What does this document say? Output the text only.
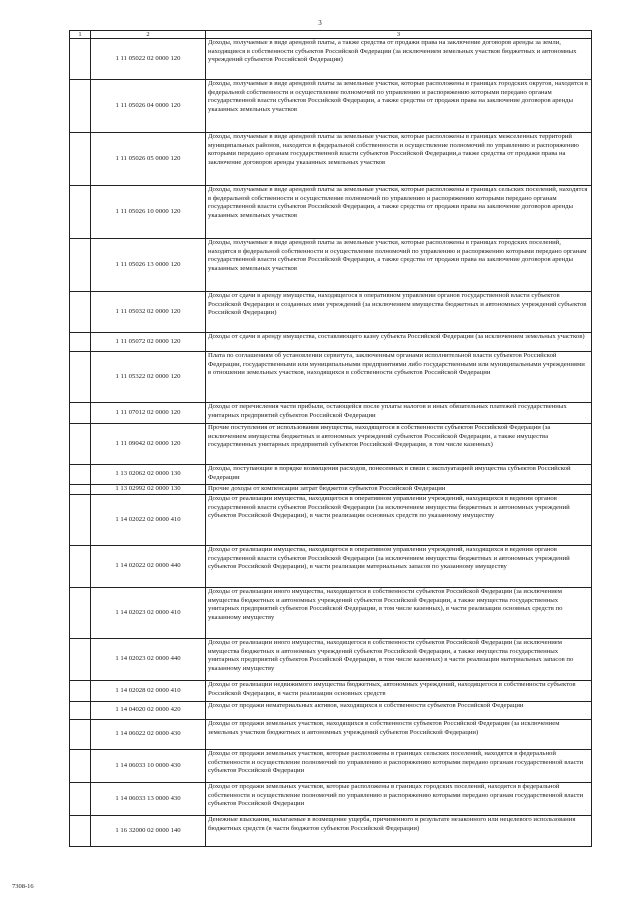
3
1	2	3
	1 11 05022 02 0000 120	Доходы, получаемые в виде арендной платы, а также средства от продажи права на заключение договоров аренды за земли, находящиеся в собственности субъектов Российской Федерации (за исключением земельных участков бюджетных и автономных учреждений субъектов Российской Федерации)
	1 11 05026 04 0000 120	Доходы, получаемые в виде арендной платы за земельные участки, которые расположены в границах городских округов, находятся в федеральной собственности и осуществление полномочий по управлению и распоряжению которыми передано органам государственной власти субъектов Российской Федерации, а также средства от продажи права на заключение договоров аренды указанных земельных участков
	1 11 05026 05 0000 120	Доходы, получаемые в виде арендной платы за земельные участки, которые расположены в границах межселенных территорий муниципальных районов, находятся в федеральной собственности и осуществление полномочий по управлению и распоряжению которыми передано органам государственной власти субъектов Российской Федерации,а также средства от продажи права на заключение договоров аренды указанных земельных участков
	1 11 05026 10 0000 120	Доходы, получаемые в виде арендной платы за земельные участки, которые расположены в границах сельских поселений, находятся в федеральной собственности и осуществление полномочий по управлению и распоряжению которыми передано органам государственной власти субъектов Российской Федерации, а также средства от продажи права на заключение договоров аренды указанных земельных участков
	1 11 05026 13 0000 120	Доходы, получаемые в виде арендной платы за земельные участки, которые расположены в границах городских поселений, находятся в федеральной собственности и осуществление полномочий по управлению и распоряжению которыми передано органам государственной власти субъектов Российской Федерации, а также средства от продажи права на заключение договоров аренды указанных земельных участков
	1 11 05032 02 0000 120	Доходы от сдачи в аренду имущества, находящегося в оперативном управлении органов государственной власти субъектов Российской Федерации и созданных ими учреждений (за исключением имущества бюджетных и автономных учреждений субъектов Российской Федерации)
	1 11 05072 02 0000 120	Доходы от сдачи в аренду имущества, составляющего казну субъекта Российской Федерации (за исключением земельных участков)
	1 11 05322 02 0000 120	Плата по соглашениям об установлении сервитута, заключенным органами исполнительной власти субъектов Российской Федерации, государственными или муниципальными предприятиями либо государственными или муниципальными учреждениями в отношении земельных участков, находящихся в собственности субъектов Российской Федерации
	1 11 07012 02 0000 120	Доходы от перечисления части прибыли, остающейся после уплаты налогов и иных обязательных платежей государственных унитарных предприятий субъектов Российской Федерации
	1 11 09042 02 0000 120	Прочие поступления от использования имущества, находящегося в собственности субъектов Российской Федерации (за исключением имущества бюджетных и автономных учреждений субъектов Российской Федерации, а также имущества государственных унитарных предприятий субъектов Российской Федерации, в том числе казенных)
	1 13 02062 02 0000 130	Доходы, поступающие в порядке возмещения расходов, понесенных в связи с эксплуатацией имущества субъектов Российской Федерации
	1 13 02992 02 0000 130	Прочие доходы от компенсации затрат бюджетов субъектов Российской Федерации
	1 14 02022 02 0000 410	Доходы от реализации имущества, находящегося в оперативном управлении учреждений, находящихся в ведении органов государственной власти субъектов Российской Федерации (за исключением имущества бюджетных и автономных учреждений субъектов Российской Федерации), в части реализации основных средств по указанному имуществу
	1 14 02022 02 0000 440	Доходы от реализации имущества, находящегося в оперативном управлении учреждений, находящихся в ведении органов государственной власти субъектов Российской Федерации (за исключением имущества бюджетных и автономных учреждений субъектов Российской Федерации), в части реализации материальных запасов по указанному имуществу
	1 14 02023 02 0000 410	Доходы от реализации иного имущества, находящегося в собственности субъектов Российской Федерации (за исключением имущества бюджетных и автономных учреждений субъектов Российской Федерации, а также имущества государственных унитарных предприятий субъектов Российской Федерации, в том числе казенных), в части реализации основных средств по указанному имуществу
	1 14 02023 02 0000 440	Доходы от реализации иного имущества, находящегося в собственности субъектов Российской Федерации (за исключением имущества бюджетных и автономных учреждений субъектов Российской Федерации, а также имущества государственных унитарных предприятий субъектов Российской Федерации, в том числе казенных) в части реализации материальных запасов по указанному имуществу
	1 14 02028 02 0000 410	Доходы от реализации недвижимого имущества бюджетных, автономных учреждений, находящегося в собственности субъектов Российской Федерации, в части реализации основных средств
	1 14 04020 02 0000 420	Доходы от продажи нематериальных активов, находящихся в собственности субъектов Российской Федерации
	1 14 06022 02 0000 430	Доходы от продажи земельных участков, находящихся в собственности субъектов Российской Федерации (за исключением земельных участков бюджетных и автономных учреждений субъектов Российской Федерации)
	1 14 06033 10 0000 430	Доходы от продажи земельных участков, которые расположены в границах сельских поселений, находятся в федеральной собственности и осуществление полномочий по управлению и распоряжению которыми передано органам государственной власти субъектов Российской Федерации
	1 14 06033 13 0000 430	Доходы от продажи земельных участков, которые расположены в границах городских поселений, находятся в федеральной собственности и осуществление полномочий по управлению и распоряжению которыми передано органам государственной власти субъектов Российской Федерации
	1 16 32000 02 0000 140	Денежные взыскания, налагаемые в возмещение ущерба, причиненного в результате незаконного или нецелевого использования бюджетных средств (в части бюджетов субъектов Российской Федерации)
7308-16
